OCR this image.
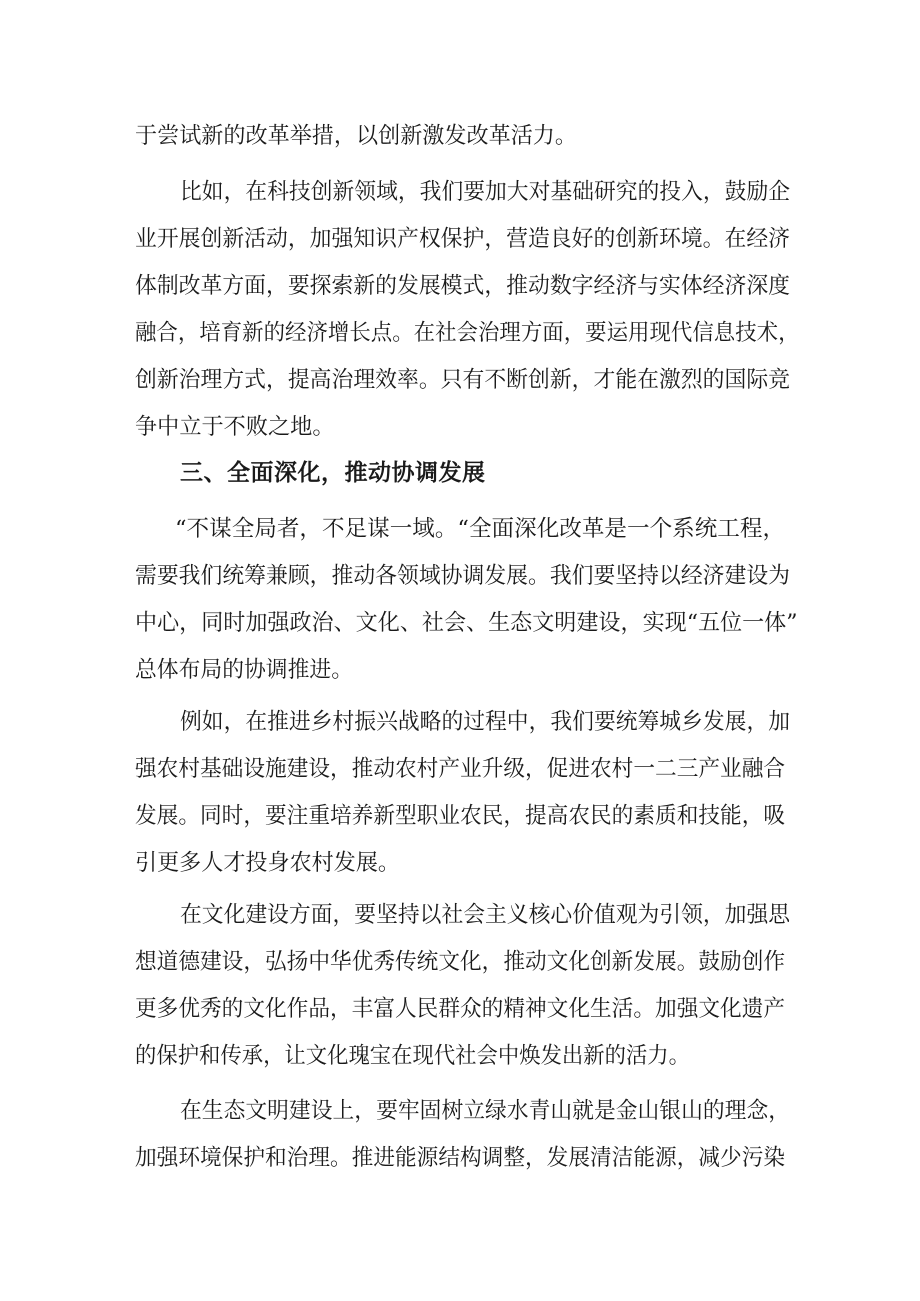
于尝试新的改革举措，以创新激发改革活力。

比如，在科技创新领域，我们要加大对基础研究的投入，鼓励企

业开展创新活动，加强知识产权保护，营造良好的创新环境。在经济

体制改革方面，要探索新的发展模式，推动数字经济与实体经济深度

融合，培育新的经济增长点。在社会治理方面，要运用现代信息技术，

创新治理方式，提高治理效率。只有不断创新，才能在激烈的国际竞

争中立于不败之地。

三、全面深化，推动协调发展

“不谋全局者，不足谋一域。“全面深化改革是一个系统工程，

需要我们统筹兼顾，推动各领域协调发展。我们要坚持以经济建设为

中心，同时加强政治、文化、社会、生态文明建设，实现“五位一体”

总体布局的协调推进。

例如，在推进乡村振兴战略的过程中，我们要统筹城乡发展，加

强农村基础设施建设，推动农村产业升级，促进农村一二三产业融合

发展。同时，要注重培养新型职业农民，提高农民的素质和技能，吸

引更多人才投身农村发展。

在文化建设方面，要坚持以社会主义核心价值观为引领，加强思

想道德建设，弘扬中华优秀传统文化，推动文化创新发展。鼓励创作

更多优秀的文化作品，丰富人民群众的精神文化生活。加强文化遗产

的保护和传承，让文化瑰宝在现代社会中焕发出新的活力。

在生态文明建设上，要牢固树立绿水青山就是金山银山的理念，

加强环境保护和治理。推进能源结构调整，发展清洁能源，减少污染
